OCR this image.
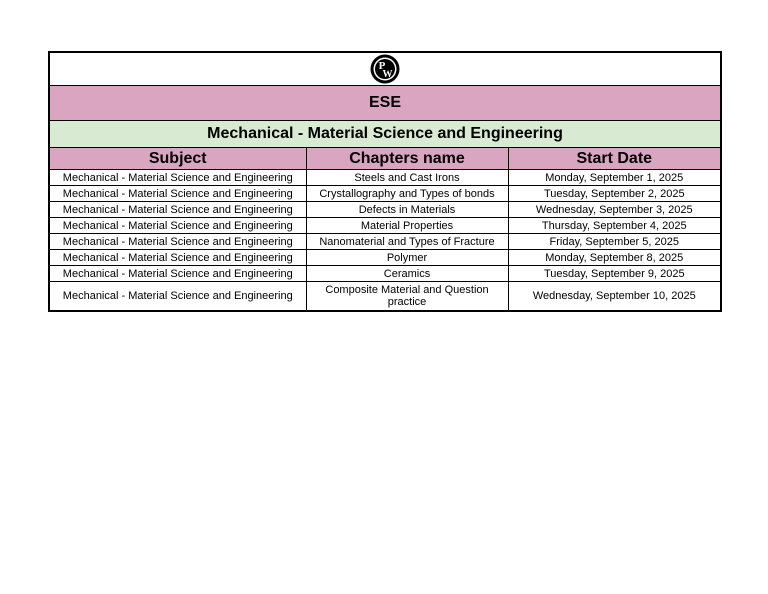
P
W		

ESE		
Mechanical - Material Science and Engineering		
Subject	Chapters name	Start Date
Mechanical - Material Science and Engineering	Steels and Cast Irons	Monday, September 1, 2025
Mechanical - Material Science and Engineering	Crystallography and Types of bonds	Tuesday, September 2, 2025
Mechanical - Material Science and Engineering	Defects in Materials	Wednesday, September 3, 2025
Mechanical - Material Science and Engineering	Material Properties	Thursday, September 4, 2025
Mechanical - Material Science and Engineering	Nanomaterial and Types of Fracture	Friday, September 5, 2025
Mechanical - Material Science and Engineering	Polymer	Monday, September 8, 2025
Mechanical - Material Science and Engineering	Ceramics	Tuesday, September 9, 2025
Mechanical - Material Science and Engineering	Composite Material and Question practice	Wednesday, September 10, 2025
